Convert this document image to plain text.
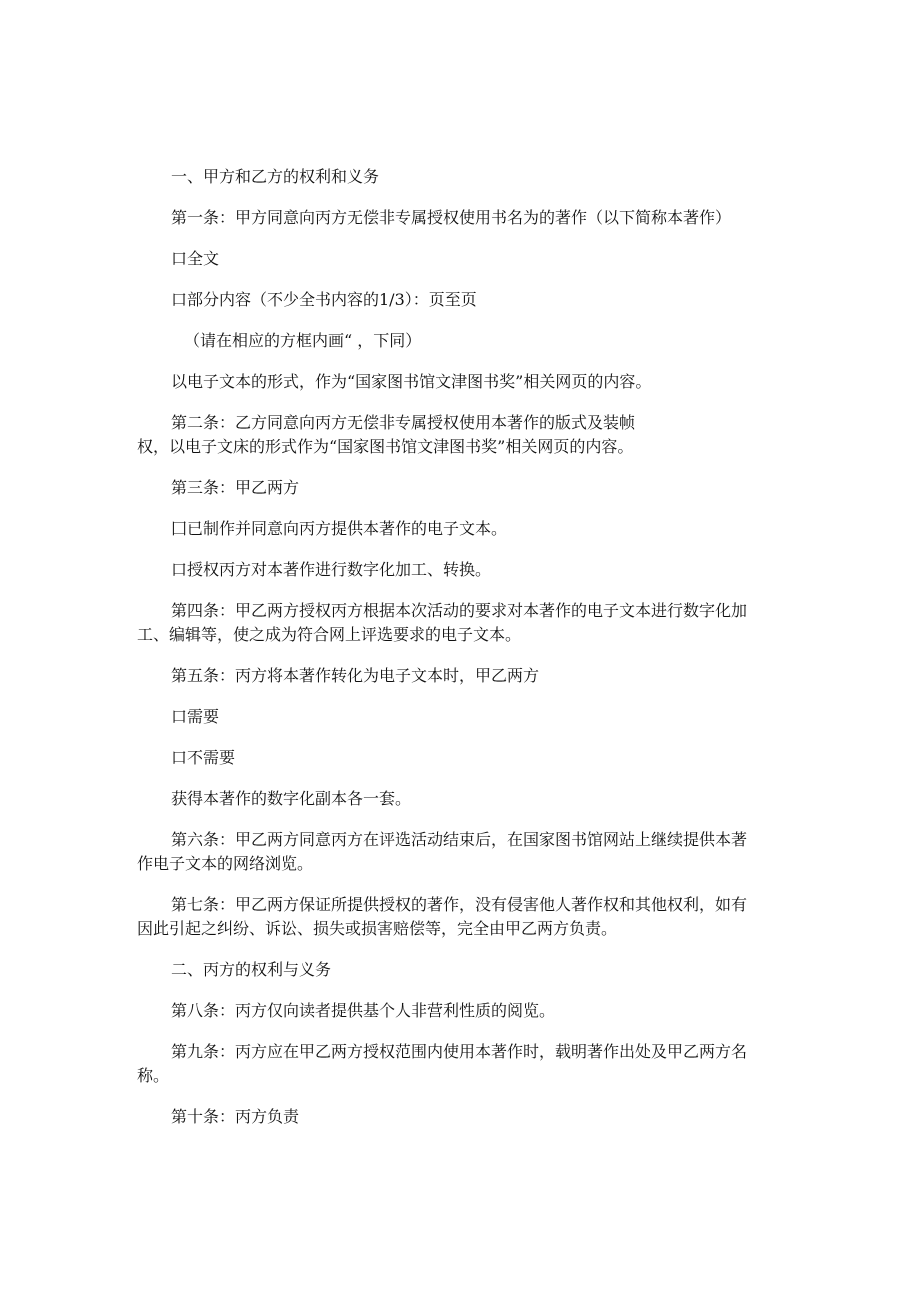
一、甲方和乙方的权利和义务
第一条：甲方同意向丙方无偿非专属授权使用书名为的著作（以下简称本著作）
口全文
口部分内容（不少全书内容的1/3）：页至页
（请在相应的方框内画“ ，下同）
以电子文本的形式，作为“国家图书馆文津图书奖”相关网页的内容。
第二条：乙方同意向丙方无偿非专属授权使用本著作的版式及装帧
权，以电子文床的形式作为“国家图书馆文津图书奖”相关网页的内容。
第三条：甲乙两方
囗已制作并同意向丙方提供本著作的电子文本。
口授权丙方对本著作进行数字化加工、转换。
第四条：甲乙两方授权丙方根据本次活动的要求对本著作的电子文本进行数字化加
工、编辑等，使之成为符合网上评选要求的电子文本。
第五条：丙方将本著作转化为电子文本时，甲乙两方
口需要
口不需要
获得本著作的数字化副本各一套。
第六条：甲乙两方同意丙方在评选活动结束后，在国家图书馆网站上继续提供本著
作电子文本的网络浏览。
第七条：甲乙两方保证所提供授权的著作，没有侵害他人著作权和其他权利，如有
因此引起之纠纷、诉讼、损失或损害赔偿等，完全由甲乙两方负责。
二、丙方的权利与义务
第八条：丙方仅向读者提供基个人非营利性质的阅览。
第九条：丙方应在甲乙两方授权范围内使用本著作时，载明著作出处及甲乙两方名
称。
第十条：丙方负责
